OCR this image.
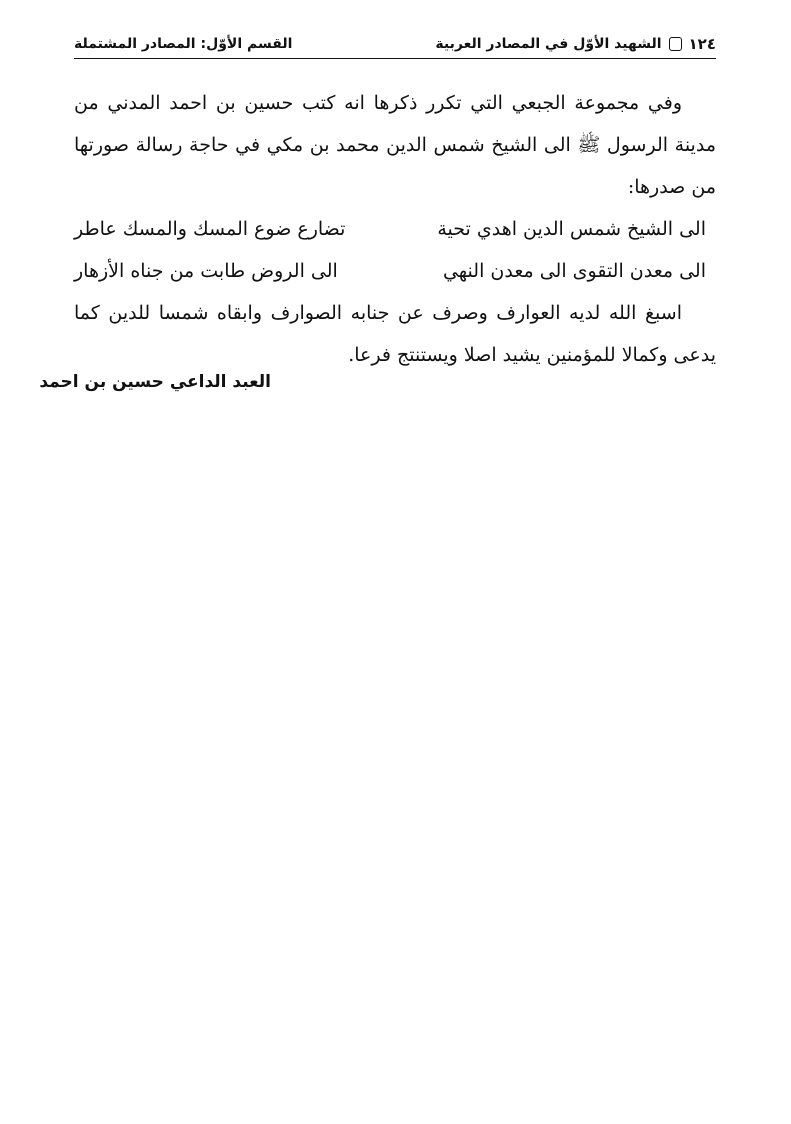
١٢٤
الشهيد الأوّل في المصادر العربية
القسم الأوّل: المصادر المشتملة

وفي مجموعة الجبعي التي تكرر ذكرها انه كتب حسين بن احمد المدني من مدينة الرسول ﷺ الى الشيخ شمس الدين محمد بن مكي في حاجة رسالة صورتها من صدرها:

الى الشيخ شمس الدين اهدي تحية
تضارع ضوع المسك والمسك عاطر
الى معدن التقوى الى معدن النهي
الى الروض طابت من جناه الأزهار

اسبغ الله لديه العوارف وصرف عن جنابه الصوارف وابقاه شمسا للدين كما يدعى وكمالا للمؤمنين يشيد اصلا ويستنتج فرعا.

العبد الداعي حسين بن احمد
